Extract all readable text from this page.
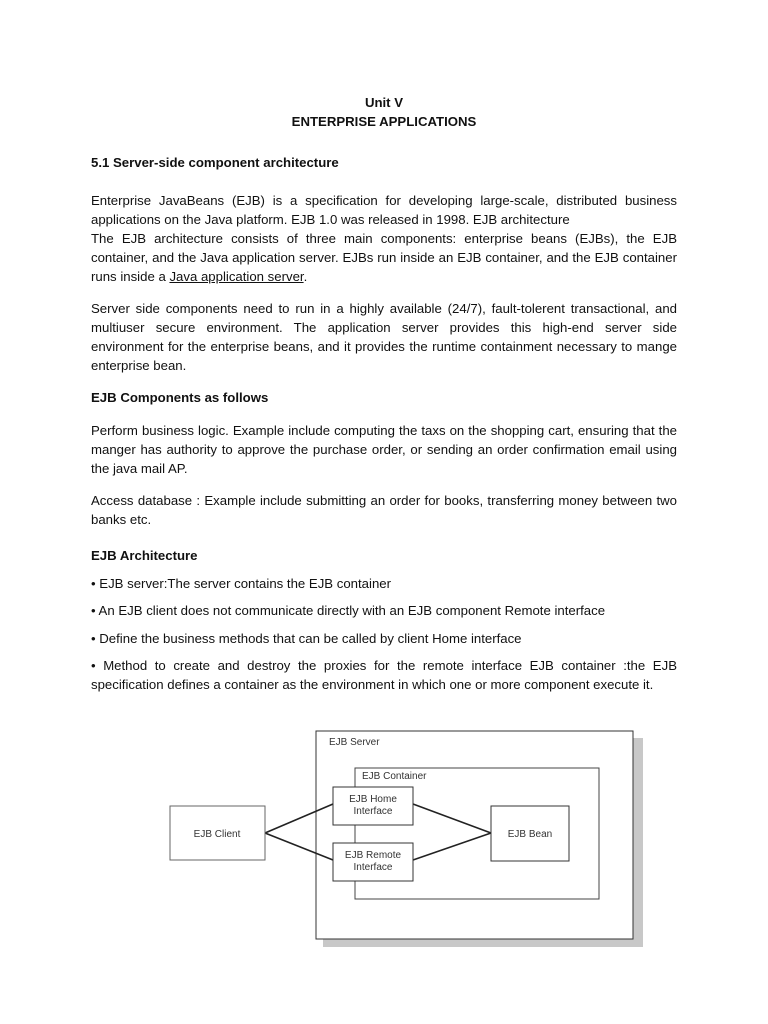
Unit V
ENTERPRISE APPLICATIONS
5.1 Server-side component architecture

Enterprise JavaBeans (EJB) is a specification for developing large-scale, distributed business applications on the Java platform. EJB 1.0 was released in 1998. EJB architecture

The EJB architecture consists of three main components: enterprise beans (EJBs), the EJB container, and the Java application server. EJBs run inside an EJB container, and the EJB container runs inside a Java application server.

Server side components need to run in a highly available (24/7), fault-tolerent transactional, and multiuser secure environment. The application server provides this high-end server side environment for the enterprise beans, and it provides the runtime containment necessary to mange enterprise bean.
EJB Components as follows
Perform business logic. Example include computing the taxs on the shopping cart, ensuring that the manger has authority to approve the purchase order, or sending an order confirmation email using the java mail AP.
Access database : Example include submitting an order for books, transferring money between two banks etc.
EJB Architecture
• EJB server:The server contains the EJB container
• An EJB client does not communicate directly with an EJB component Remote interface
• Define the business methods that can be called by client Home interface
• Method to create and destroy the proxies for the remote interface EJB container :the EJB specification defines a container as the environment in which one or more component execute it.
EJB Server
EJB Container
EJB Client
EJB Home
Interface
EJB Remote
Interface
EJB Bean
